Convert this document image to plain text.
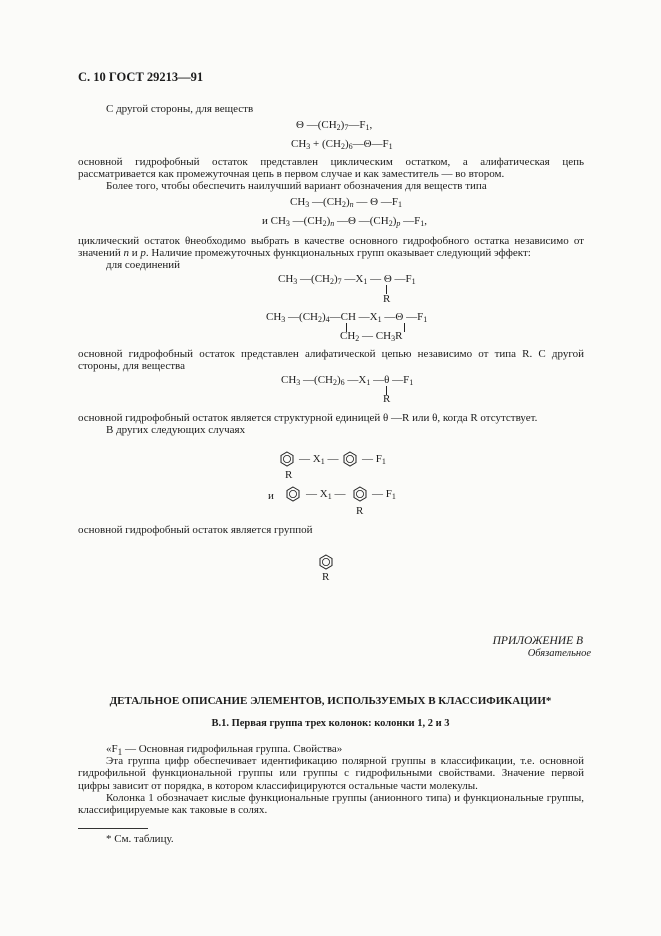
С. 10 ГОСТ 29213—91
С другой стороны, для веществ
Θ $—(CH_2)_7—F_1$,
$CH_3$ + $(CH_2)_6—\Theta—F_1$
основной гидрофобный остаток представлен циклическим остатком, а алифатическая цепь рассматривается как промежуточная цепь в первом случае и как заместитель — во втором.
Более того, чтобы обеспечить наилучший вариант обозначения для веществ типа
$CH_3$ $—(CH_2)_n$ — Θ $—F_1$
и $CH_3$ $—(CH_2)_n$ —Θ $—(CH_2)_p$ $—F_1$,
циклический остаток θнеобходимо выбрать в качестве основного гидрофобного остатка независимо от значений n и p. Наличие промежуточных функциональных групп оказывает следующий эффект:
для соединений
$CH_3$ $—(CH_2)_7$ $—X_1$ — Θ $—F_1$
R
$CH_3$ $—(CH_2)_4—CH$ $—X_1$ —Θ $—F_1$
$CH_2$ — $CH_3R$
основной гидрофобный остаток представлен алифатической цепью независимо от типа R. С другой стороны, для вещества
$CH_3$ $—(CH_2)_6$ $—X_1$ —θ $—F_1$
R
основной гидрофобный остаток является структурной единицей θ —R или θ, когда R отсутствует.
В других следующих случаях
— $X_1$ — — $F_1$
R
и	— $X_1$ — — $F_1$
R
основной гидрофобный остаток является группой
R
ПРИЛОЖЕНИЕ В
Обязательное
ДЕТАЛЬНОЕ ОПИСАНИЕ ЭЛЕМЕНТОВ, ИСПОЛЬЗУЕМЫХ В КЛАССИФИКАЦИИ*
В.1. Первая группа трех колонок: колонки 1, 2 и 3
«$F_1$ — Основная гидрофильная группа. Свойства»
Эта группа цифр обеспечивает идентификацию полярной группы в классификации, т.е. основной гидрофильной функциональной группы или группы с гидрофильными свойствами. Значение первой цифры зависит от порядка, в котором классифицируются остальные части молекулы.
Колонка 1 обозначает кислые функциональные группы (анионного типа) и функциональные группы, классифицируемые как таковые в солях.
* См. таблицу.
